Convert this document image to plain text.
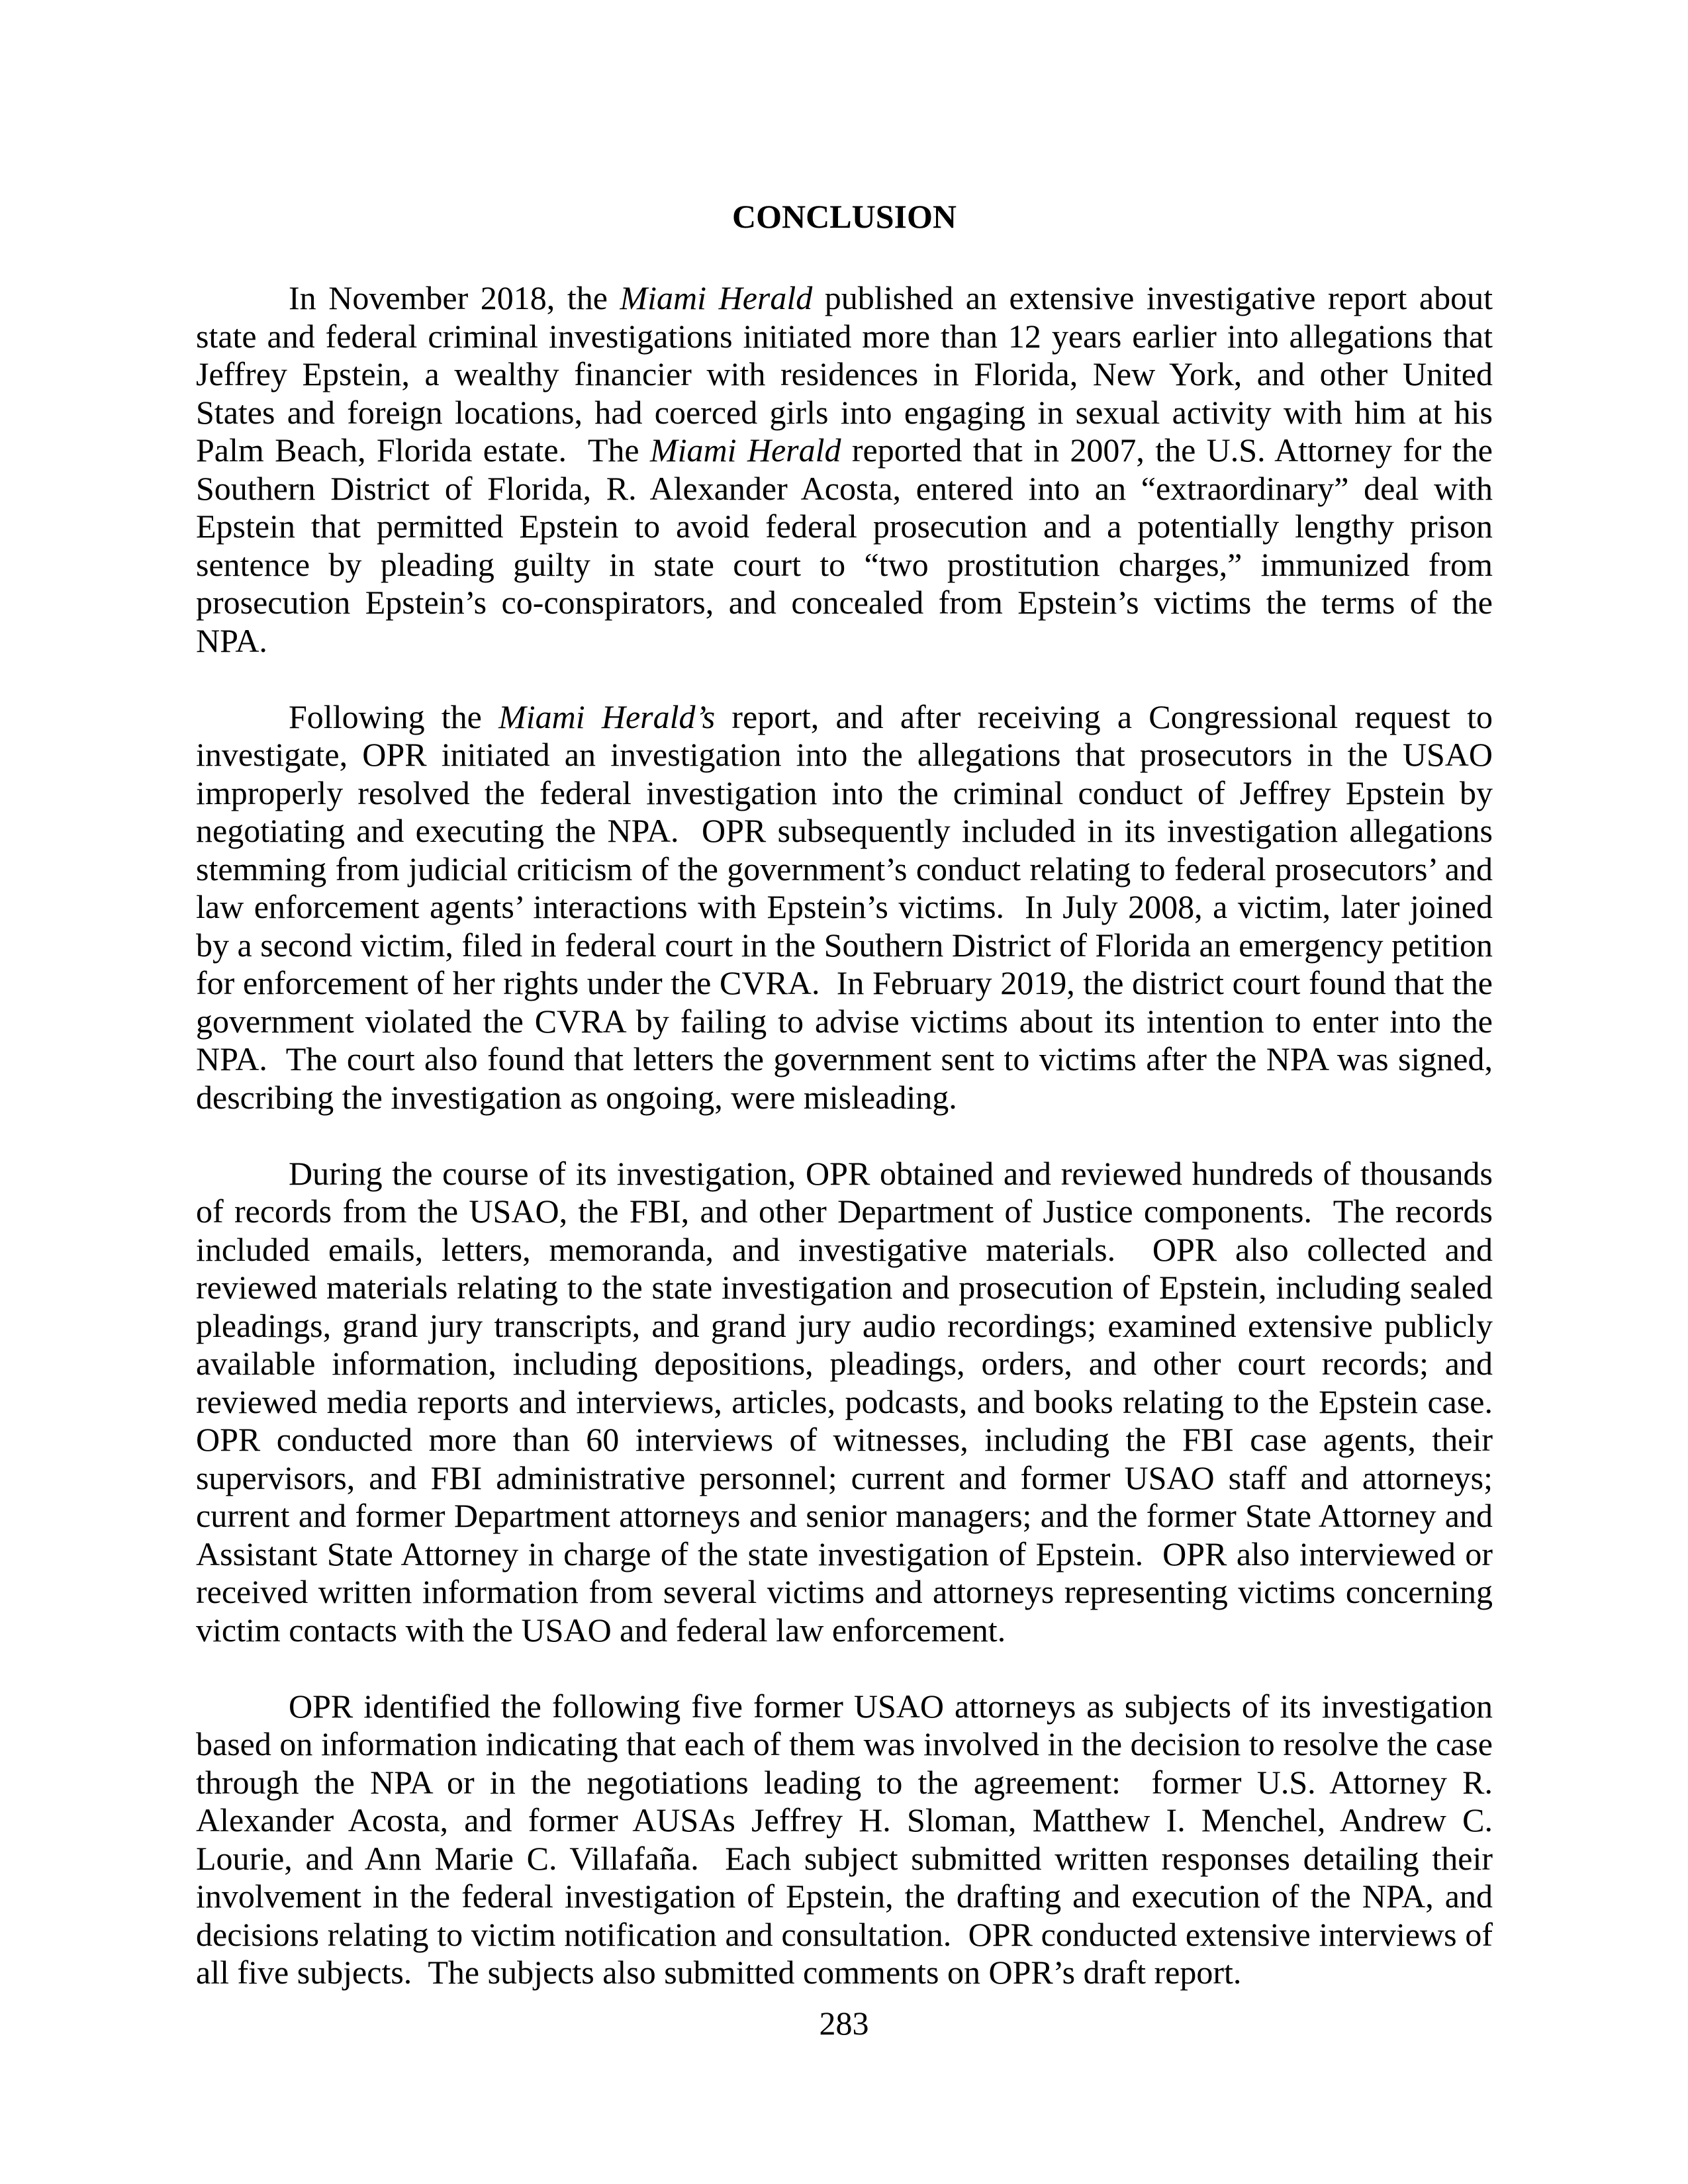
CONCLUSION

In November 2018, the Miami Herald published an extensive investigative report about state and federal criminal investigations initiated more than 12 years earlier into allegations that Jeffrey Epstein, a wealthy financier with residences in Florida, New York, and other United States and foreign locations, had coerced girls into engaging in sexual activity with him at his Palm Beach, Florida estate.  The Miami Herald reported that in 2007, the U.S. Attorney for the Southern District of Florida, R. Alexander Acosta, entered into an “extraordinary” deal with Epstein that permitted Epstein to avoid federal prosecution and a potentially lengthy prison sentence by pleading guilty in state court to “two prostitution charges,” immunized from prosecution Epstein’s co-conspirators, and concealed from Epstein’s victims the terms of the NPA.

Following the Miami Herald’s report, and after receiving a Congressional request to investigate, OPR initiated an investigation into the allegations that prosecutors in the USAO improperly resolved the federal investigation into the criminal conduct of Jeffrey Epstein by negotiating and executing the NPA.  OPR subsequently included in its investigation allegations stemming from judicial criticism of the government’s conduct relating to federal prosecutors’ and law enforcement agents’ interactions with Epstein’s victims.  In July 2008, a victim, later joined by a second victim, filed in federal court in the Southern District of Florida an emergency petition for enforcement of her rights under the CVRA.  In February 2019, the district court found that the government violated the CVRA by failing to advise victims about its intention to enter into the NPA.  The court also found that letters the government sent to victims after the NPA was signed, describing the investigation as ongoing, were misleading.

During the course of its investigation, OPR obtained and reviewed hundreds of thousands of records from the USAO, the FBI, and other Department of Justice components.  The records included emails, letters, memoranda, and investigative materials.  OPR also collected and reviewed materials relating to the state investigation and prosecution of Epstein, including sealed pleadings, grand jury transcripts, and grand jury audio recordings; examined extensive publicly available information, including depositions, pleadings, orders, and other court records; and reviewed media reports and interviews, articles, podcasts, and books relating to the Epstein case.  OPR conducted more than 60 interviews of witnesses, including the FBI case agents, their supervisors, and FBI administrative personnel; current and former USAO staff and attorneys; current and former Department attorneys and senior managers; and the former State Attorney and Assistant State Attorney in charge of the state investigation of Epstein.  OPR also interviewed or received written information from several victims and attorneys representing victims concerning victim contacts with the USAO and federal law enforcement.

OPR identified the following five former USAO attorneys as subjects of its investigation based on information indicating that each of them was involved in the decision to resolve the case through the NPA or in the negotiations leading to the agreement:  former U.S. Attorney R. Alexander Acosta, and former AUSAs Jeffrey H. Sloman, Matthew I. Menchel, Andrew C. Lourie, and Ann Marie C. Villafaña.  Each subject submitted written responses detailing their involvement in the federal investigation of Epstein, the drafting and execution of the NPA, and decisions relating to victim notification and consultation.  OPR conducted extensive interviews of all five subjects.  The subjects also submitted comments on OPR’s draft report.

283
